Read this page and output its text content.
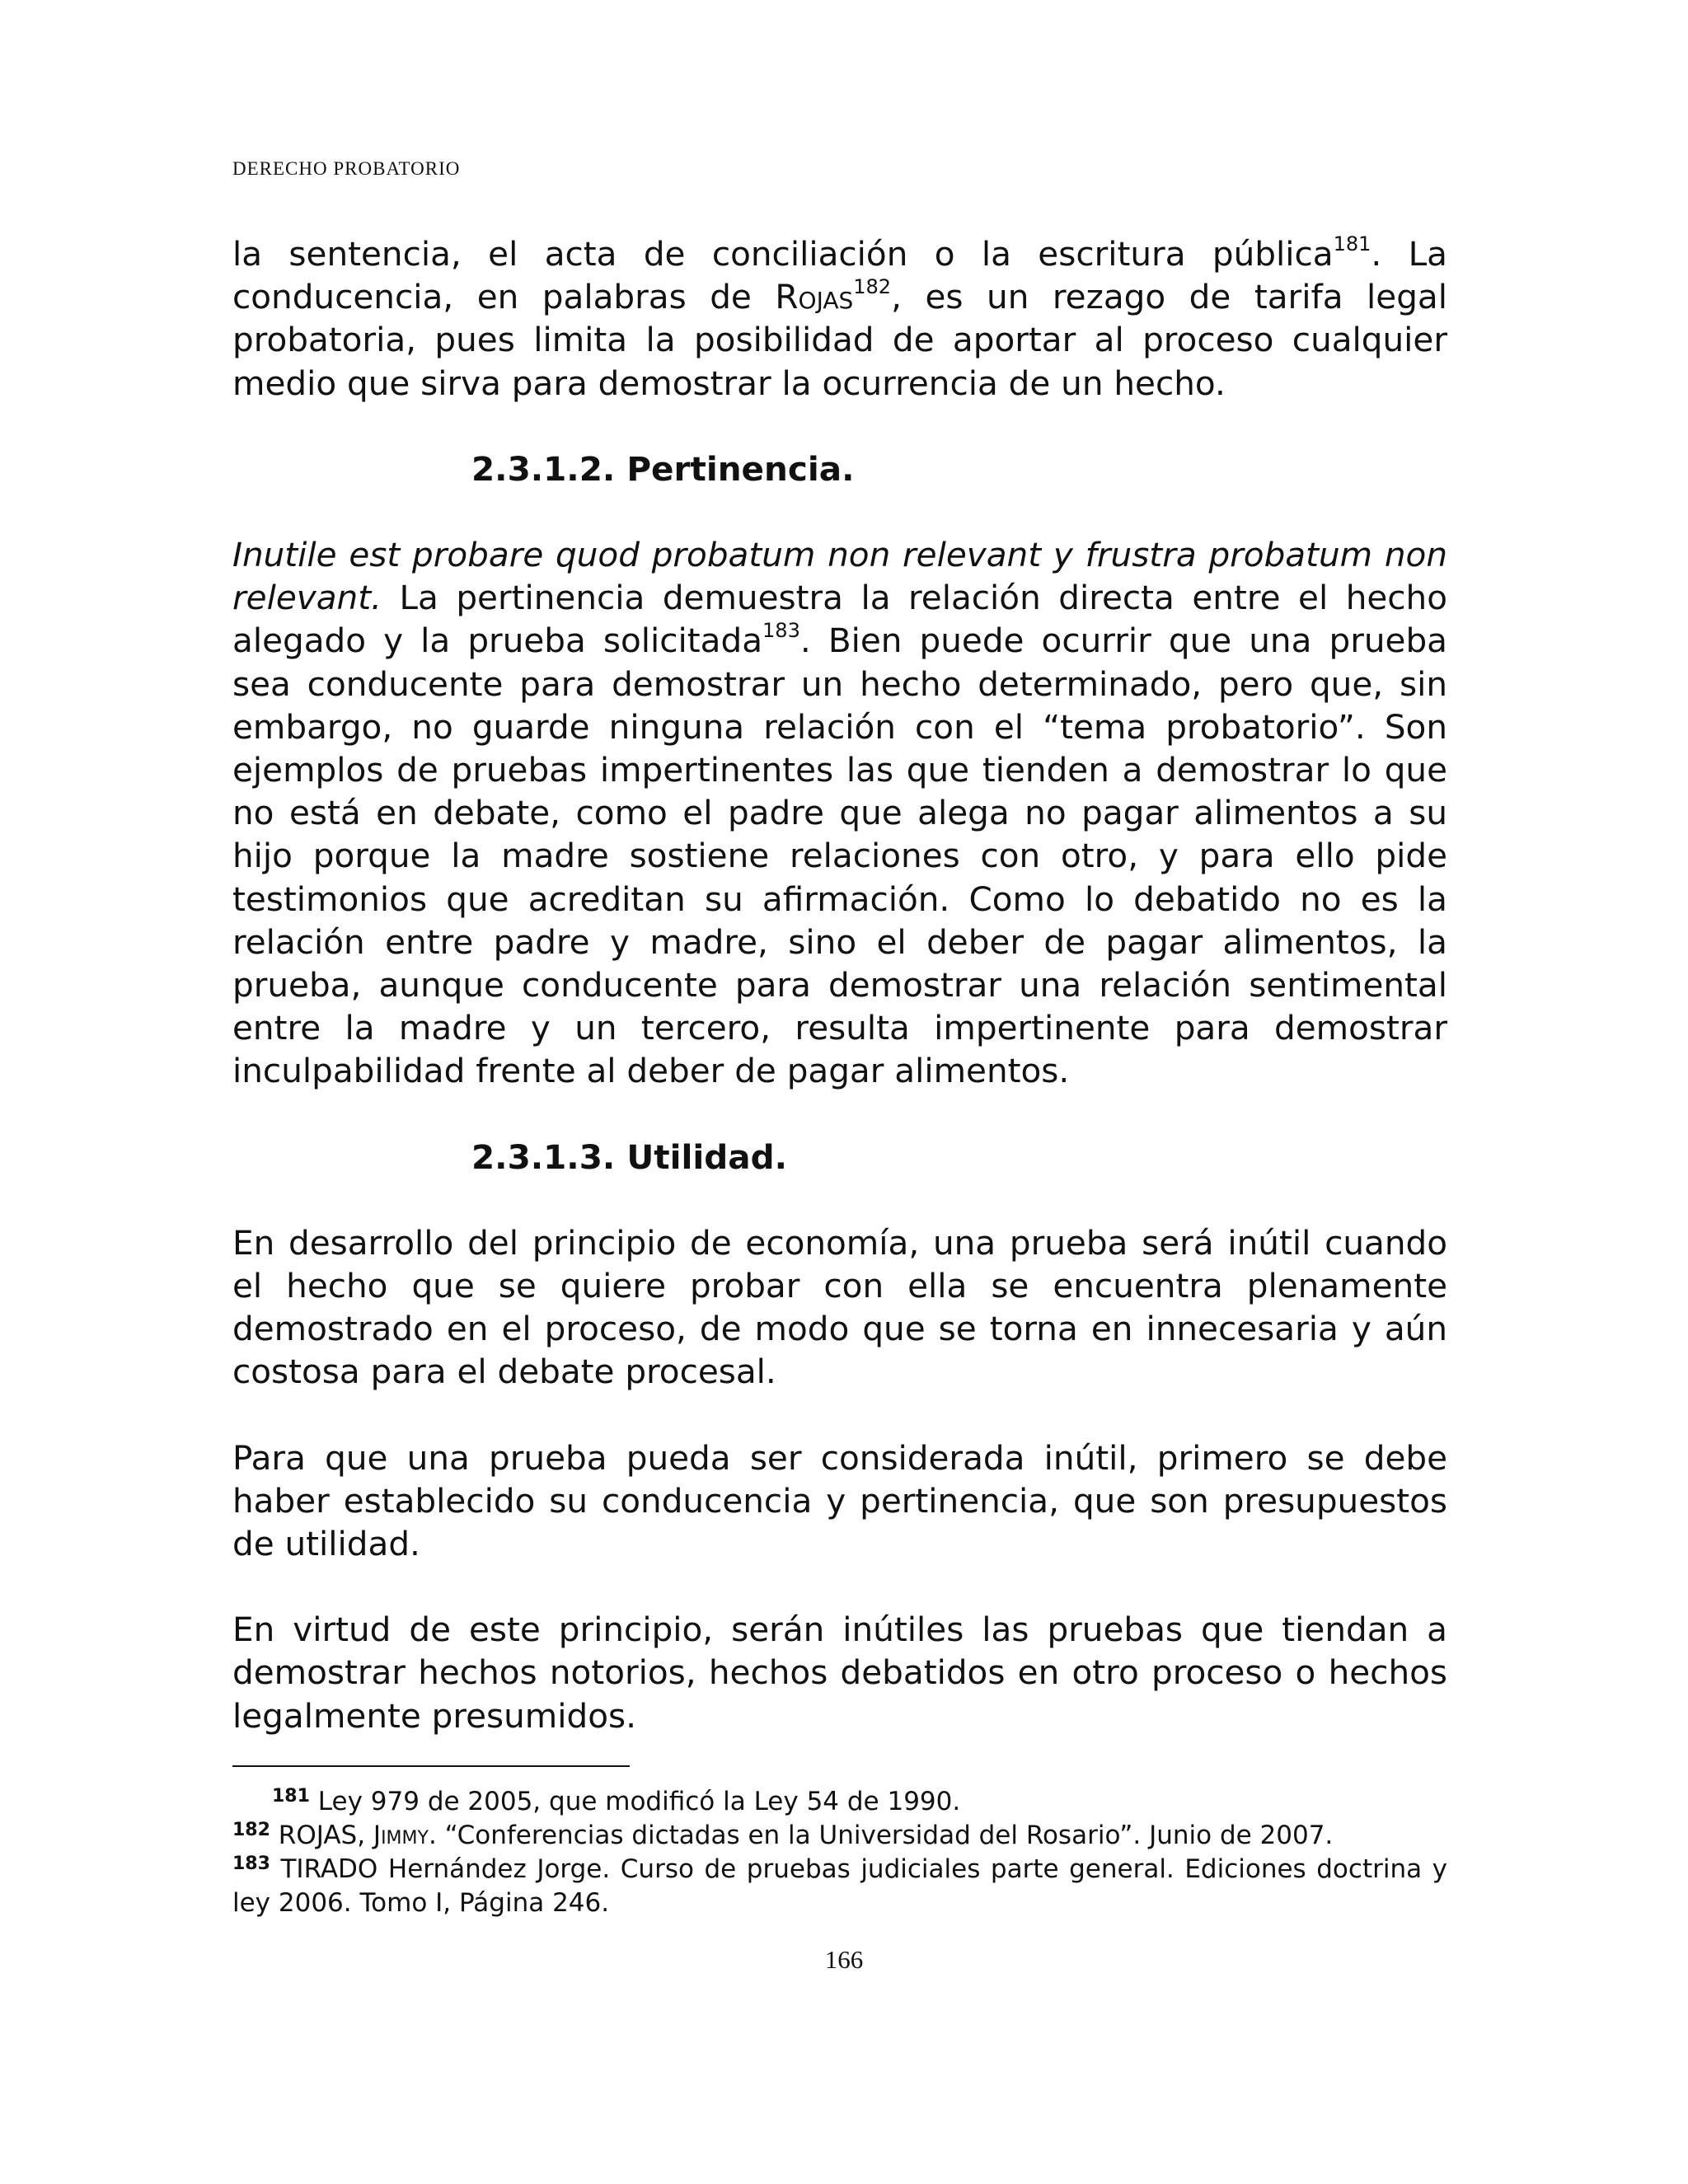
DERECHO PROBATORIO

la sentencia, el acta de conciliación o la escritura pública$^{181}$. La conducencia, en palabras de Rojas$^{182}$, es un rezago de tarifa legal probatoria, pues limita la posibilidad de aportar al proceso cualquier medio que sirva para demostrar la ocurrencia de un hecho.

2.3.1.2. Pertinencia.

Inutile est probare quod probatum non relevant y frustra probatum non relevant. La pertinencia demuestra la relación directa entre el hecho alegado y la prueba solicitada$^{183}$. Bien puede ocurrir que una prueba sea conducente para demostrar un hecho determinado, pero que, sin embargo, no guarde ninguna relación con el “tema probatorio”. Son ejemplos de pruebas impertinentes las que tienden a demostrar lo que no está en debate, como el padre que alega no pagar alimentos a su hijo porque la madre sostiene relaciones con otro, y para ello pide testimonios que acreditan su afirmación. Como lo debatido no es la relación entre padre y madre, sino el deber de pagar alimentos, la prueba, aunque conducente para demostrar una relación sentimental entre la madre y un tercero, resulta impertinente para demostrar inculpabilidad frente al deber de pagar alimentos.

2.3.1.3. Utilidad.

En desarrollo del principio de economía, una prueba será inútil cuando el hecho que se quiere probar con ella se encuentra plenamente demostrado en el proceso, de modo que se torna en innecesaria y aún costosa para el debate procesal.

Para que una prueba pueda ser considerada inútil, primero se debe haber establecido su conducencia y pertinencia, que son presupuestos de utilidad.

En virtud de este principio, serán inútiles las pruebas que tiendan a demostrar hechos notorios, hechos debatidos en otro proceso o hechos legalmente presumidos.

$^{181}$ Ley 979 de 2005, que modificó la Ley 54 de 1990.

$^{182}$ ROJAS, Jimmy. “Conferencias dictadas en la Universidad del Rosario”. Junio de 2007.

$^{183}$ TIRADO Hernández Jorge. Curso de pruebas judiciales parte general. Ediciones doctrina y ley 2006. Tomo I, Página 246.

166
